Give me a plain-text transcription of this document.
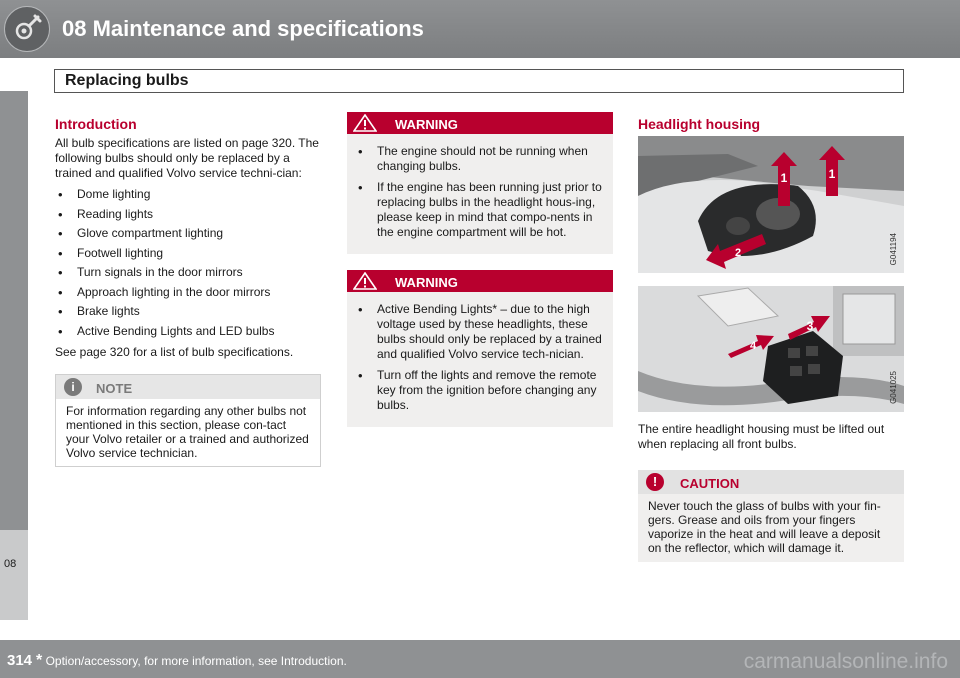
08 Maintenance and specifications
Replacing bulbs
08
Introduction

All bulb specifications are listed on page 320. The following bulbs should only be replaced by a trained and qualified Volvo service techni-cian:

• Dome lighting
• Reading lights
• Glove compartment lighting
• Footwell lighting
• Turn signals in the door mirrors
• Approach lighting in the door mirrors
• Brake lights
• Active Bending Lights and LED bulbs

See page 320 for a list of bulb specifications.

i	NOTE
For information regarding any other bulbs not mentioned in this section, please con-tact your Volvo retailer or a trained and authorized Volvo service technician.
WARNING
• The engine should not be running when changing bulbs.
• If the engine has been running just prior to replacing bulbs in the headlight hous-ing, please keep in mind that compo-nents in the engine compartment will be hot.
WARNING
• Active Bending Lights* – due to the high voltage used by these headlights, these bulbs should only be replaced by a trained and qualified Volvo service tech-nician.
• Turn off the lights and remove the remote key from the ignition before changing any bulbs.
Headlight housing
1	1
2	G041194
3
4
G041025

The entire headlight housing must be lifted out when replacing all front bulbs.

!	CAUTION
Never touch the glass of bulbs with your fin-gers. Grease and oils from your fingers vaporize in the heat and will leave a deposit on the reflector, which will damage it.
314 * Option/accessory, for more information, see Introduction.	carmanualsonline.info
